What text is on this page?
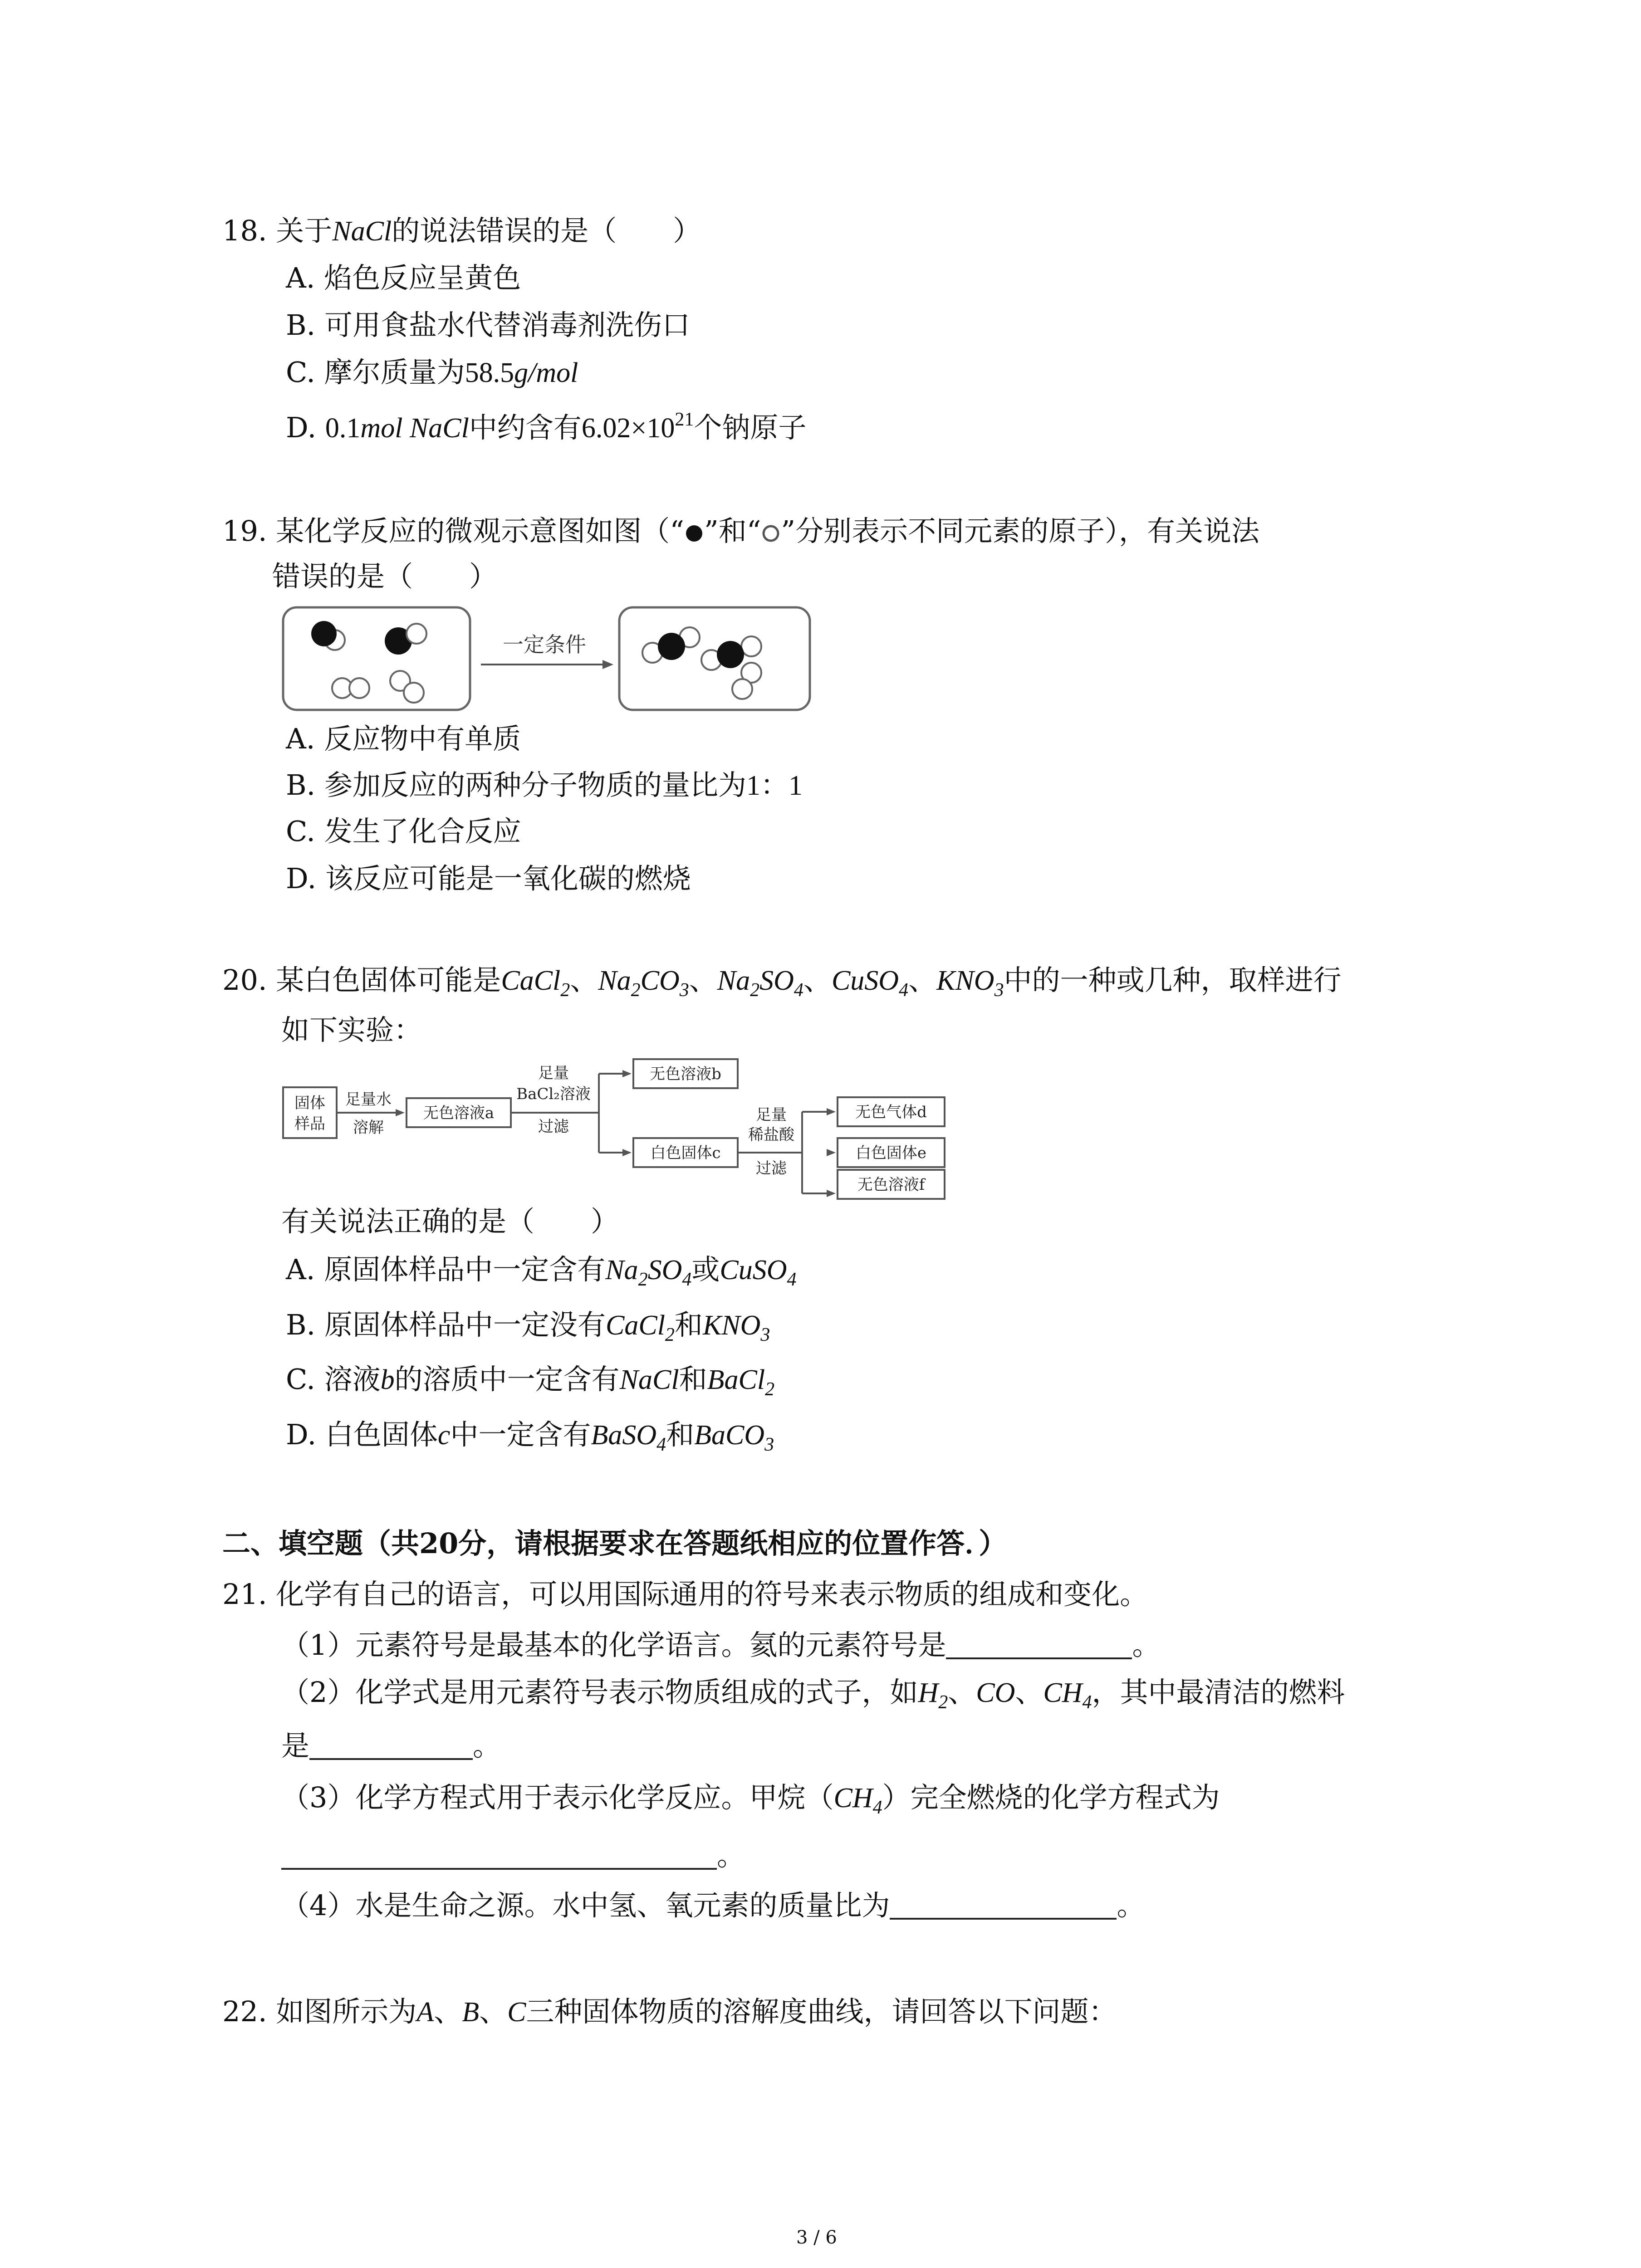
18. 关于NaCl的说法错误的是（　　）
A. 焰色反应呈黄色
B. 可用食盐水代替消毒剂洗伤口
C. 摩尔质量为58.5g/mol
D. 0.1mol NaCl中约含有$6.02\times 10^{21}$个钠原子
19. 某化学反应的微观示意图如图（“ ”和“ ”分别表示不同元素的原子），有关说法
错误的是（　　）
一定条件
A. 反应物中有单质
B. 参加反应的两种分子物质的量比为1：1
C. 发生了化合反应
D. 该反应可能是一氧化碳的燃烧
20. 某白色固体可能是CaCl$_2$、$Na_2CO_3$、$Na_2SO_4$、CuSO$_4$、$KNO_3$中的一种或几种，取样进行
如下实验：
固体
样品
足量水
溶解
无色溶液a
足量
BaCl₂溶液
过滤
无色溶液b
白色固体c
足量
稀盐酸
过滤
无色气体d
白色固体e
无色溶液f
有关说法正确的是（　　）
A. 原固体样品中一定含有$Na_2SO_4$或CuSO$_4$
B. 原固体样品中一定没有CaCl$_2$和$KNO_3$
C. 溶液b的溶质中一定含有NaCl和BaCl$_2$
D. 白色固体c中一定含有BaSO$_4$和BaCO$_3$
二、填空题（共20分，请根据要求在答题纸相应的位置作答．）
21. 化学有自己的语言，可以用国际通用的符号来表示物质的组成和变化。
（1）元素符号是最基本的化学语言。氦的元素符号是	。
（2）化学式是用元素符号表示物质组成的式子，如$H_2$、CO、$CH_4$，其中最清洁的燃料
是	。
（3）化学方程式用于表示化学反应。甲烷$(CH_4)$完全燃烧的化学方程式为
。
（4）水是生命之源。水中氢、氧元素的质量比为	。
22. 如图所示为A、B、C三种固体物质的溶解度曲线，请回答以下问题：
3 / 6
